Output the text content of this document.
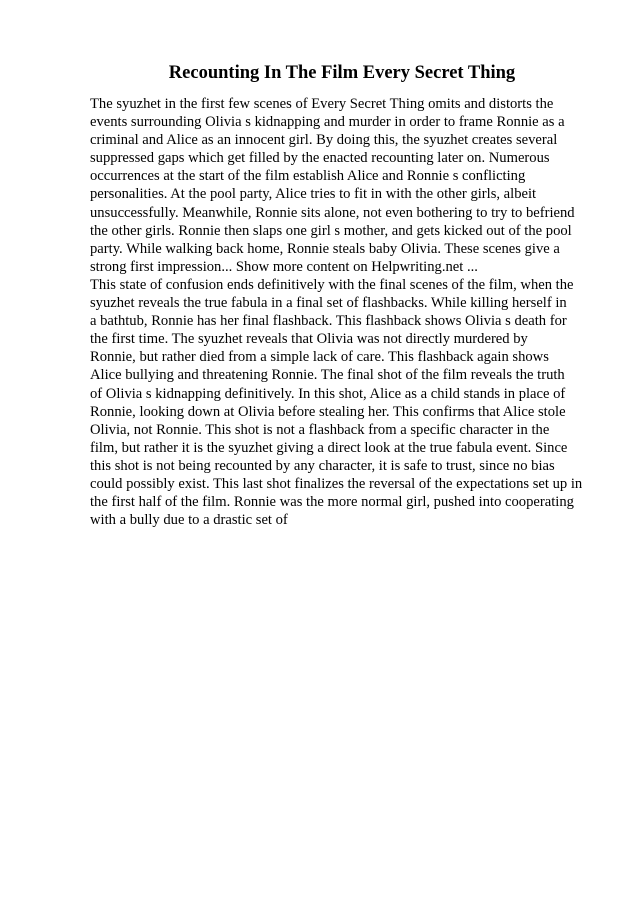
Recounting In The Film Every Secret Thing
The syuzhet in the first few scenes of Every Secret Thing omits and distorts the
events surrounding Olivia s kidnapping and murder in order to frame Ronnie as a
criminal and Alice as an innocent girl. By doing this, the syuzhet creates several
suppressed gaps which get filled by the enacted recounting later on. Numerous
occurrences at the start of the film establish Alice and Ronnie s conflicting
personalities. At the pool party, Alice tries to fit in with the other girls, albeit
unsuccessfully. Meanwhile, Ronnie sits alone, not even bothering to try to befriend
the other girls. Ronnie then slaps one girl s mother, and gets kicked out of the pool
party. While walking back home, Ronnie steals baby Olivia. These scenes give a
strong first impression... Show more content on Helpwriting.net ...
This state of confusion ends definitively with the final scenes of the film, when the
syuzhet reveals the true fabula in a final set of flashbacks. While killing herself in
a bathtub, Ronnie has her final flashback. This flashback shows Olivia s death for
the first time. The syuzhet reveals that Olivia was not directly murdered by
Ronnie, but rather died from a simple lack of care. This flashback again shows
Alice bullying and threatening Ronnie. The final shot of the film reveals the truth
of Olivia s kidnapping definitively. In this shot, Alice as a child stands in place of
Ronnie, looking down at Olivia before stealing her. This confirms that Alice stole
Olivia, not Ronnie. This shot is not a flashback from a specific character in the
film, but rather it is the syuzhet giving a direct look at the true fabula event. Since
this shot is not being recounted by any character, it is safe to trust, since no bias
could possibly exist. This last shot finalizes the reversal of the expectations set up in
the first half of the film. Ronnie was the more normal girl, pushed into cooperating
with a bully due to a drastic set of
